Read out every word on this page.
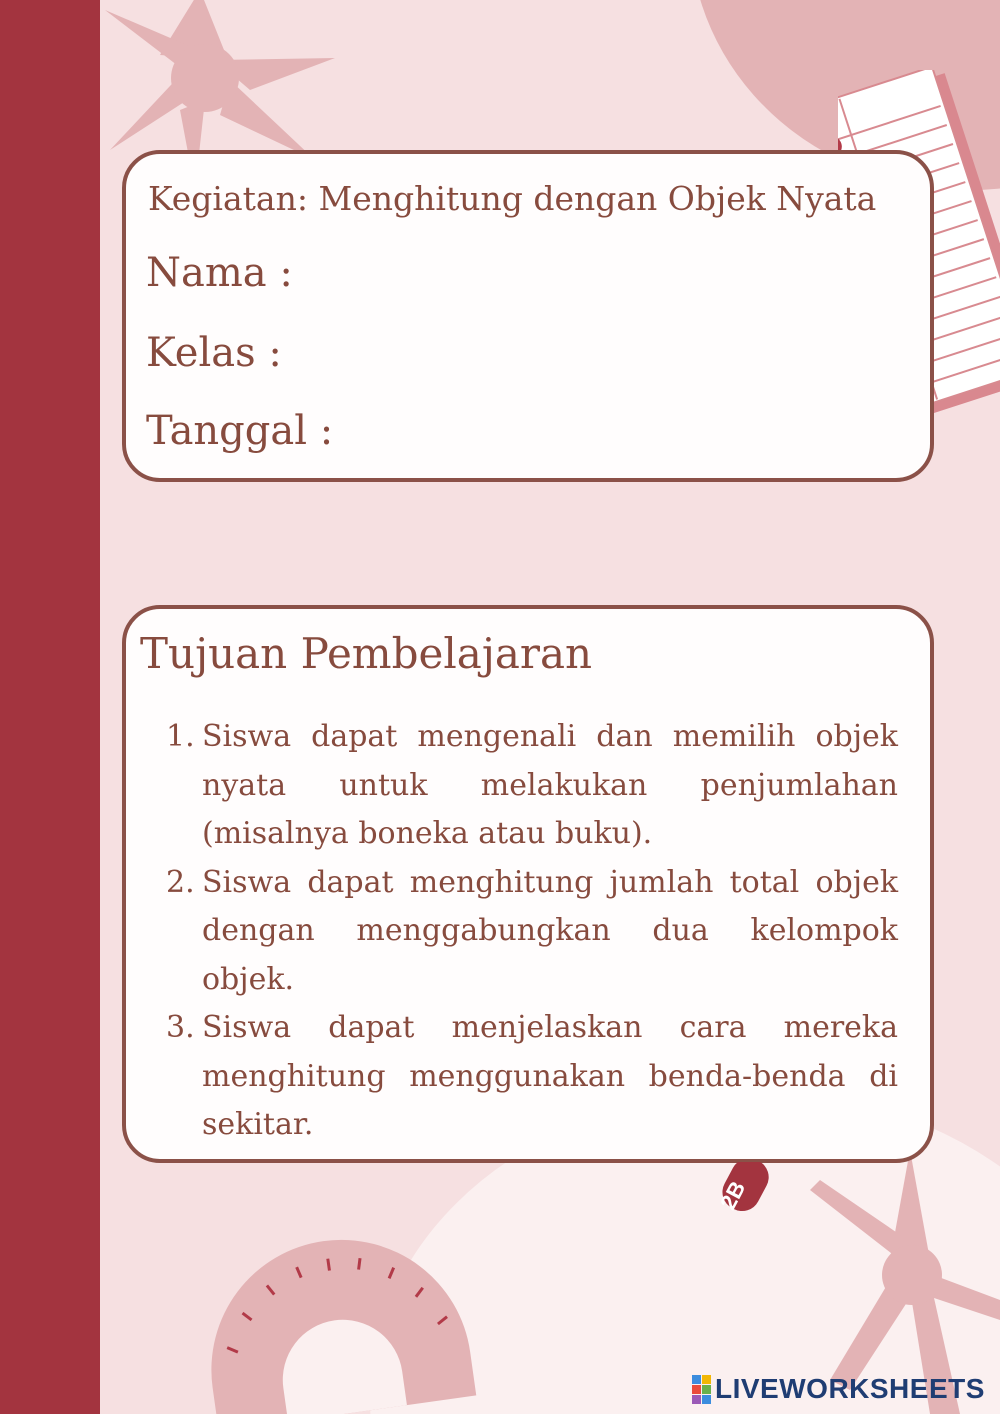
Kegiatan: Menghitung dengan Objek Nyata
Nama :
Kelas :
Tanggal :
Tujuan Pembelajaran
1. Siswa dapat mengenali dan memilih objek nyata untuk melakukan penjumlahan (misalnya boneka atau buku).
2. Siswa dapat menghitung jumlah total objek dengan menggabungkan dua kelompok objek.
3. Siswa dapat menjelaskan cara mereka menghitung menggunakan benda-benda di sekitar.
2B
LIVEWORKSHEETS
